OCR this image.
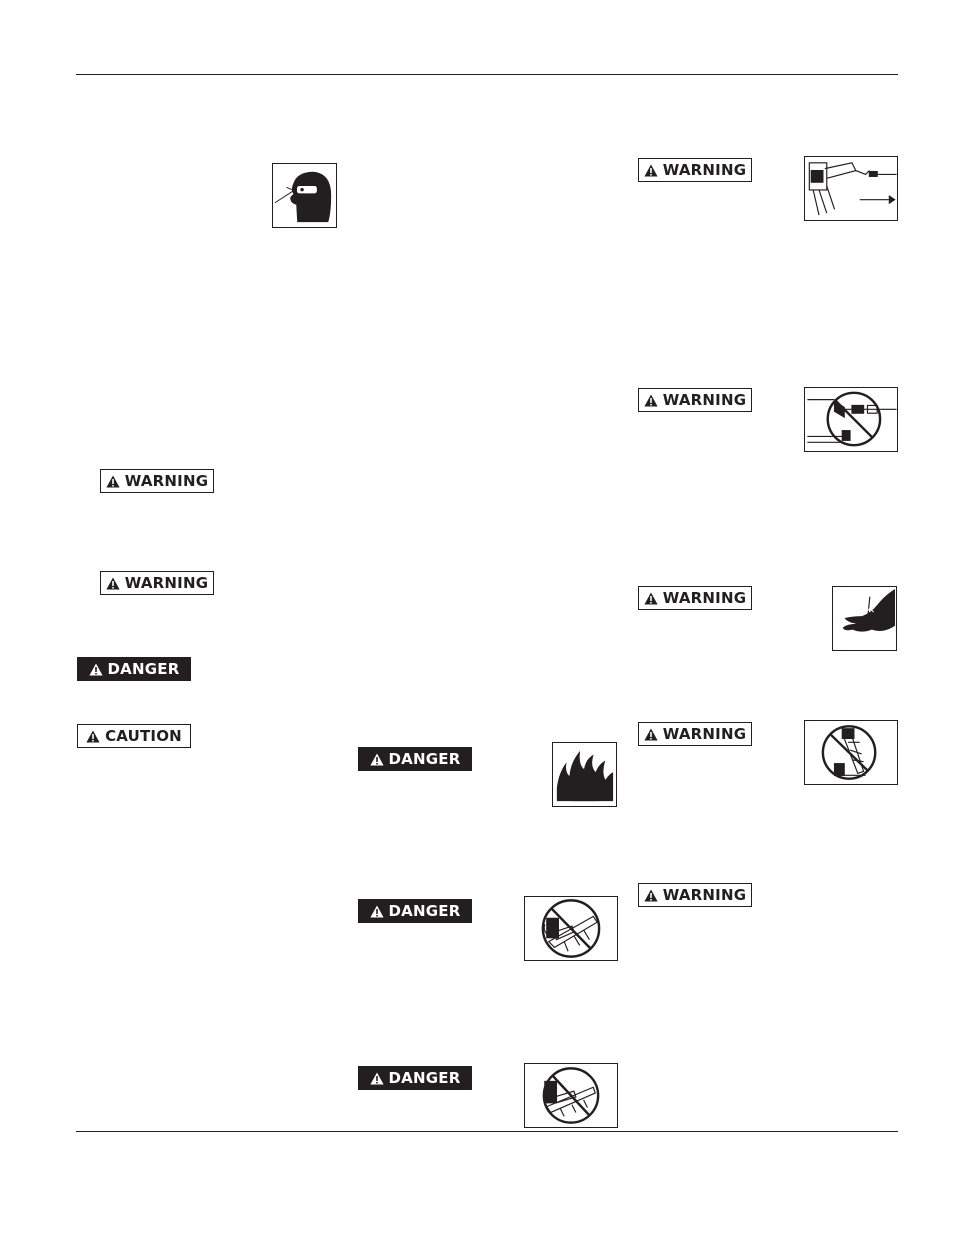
WARNING
WARNING
DANGER
CAUTION
DANGER
DANGER
DANGER
WARNING
WARNING
WARNING
WARNING
WARNING
